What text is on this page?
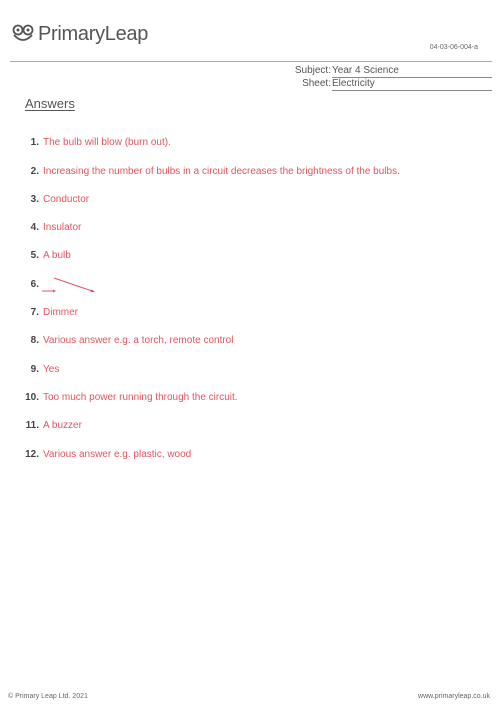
PrimaryLeap
04-03-06-004-a
Subject: Year 4 Science
Sheet: Electricity
Answers
1. The bulb will blow (burn out).
2. Increasing the number of bulbs in a circuit decreases the brightness of the bulbs.
3. Conductor
4. Insulator
5. A bulb
6.
7. Dimmer
8. Various answer e.g. a torch, remote control
9. Yes
10. Too much power running through the circuit.
11. A buzzer
12. Various answer e.g. plastic, wood
© Primary Leap Ltd. 2021	www.primaryleap.co.uk
